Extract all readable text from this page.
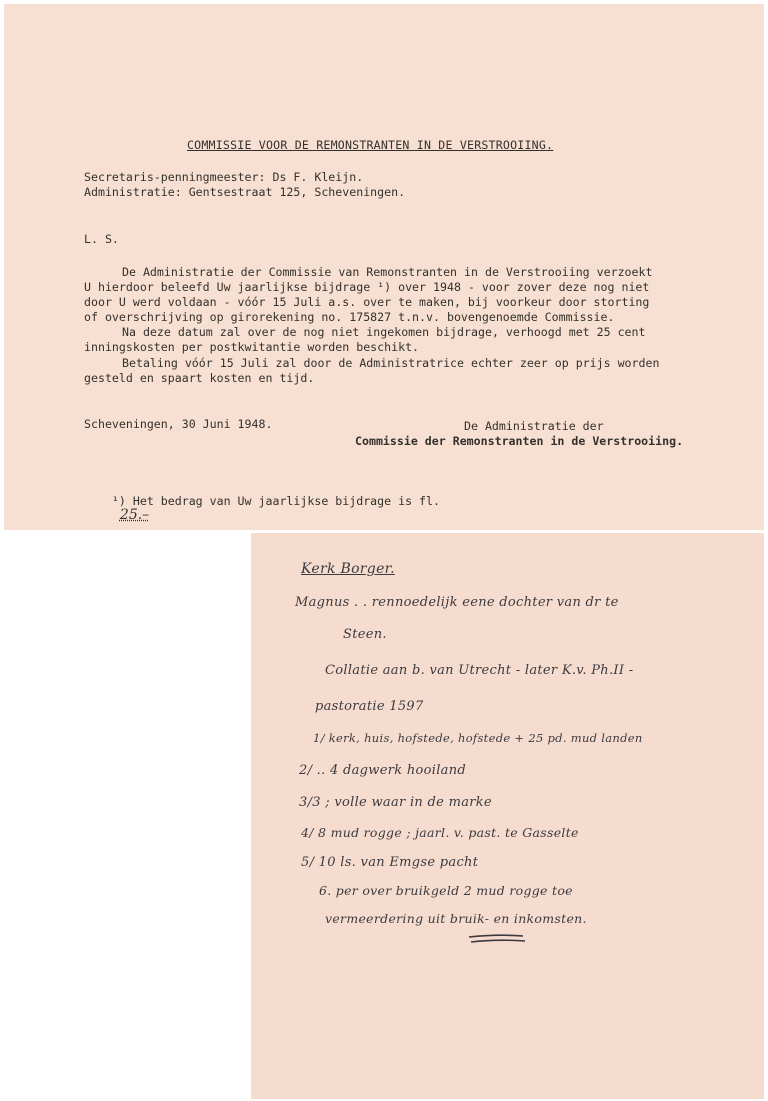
COMMISSIE VOOR DE REMONSTRANTEN IN DE VERSTROOIING.
Secretaris-penningmeester: Ds F. Kleijn.
Administratie: Gentsestraat 125, Scheveningen.
L. S.
De Administratie der Commissie van Remonstranten in de Verstrooiing verzoekt
U hierdoor beleefd Uw jaarlijkse bijdrage ¹) over 1948 - voor zover deze nog niet
door U werd voldaan - vóór 15 Juli a.s. over te maken, bij voorkeur door storting
of overschrijving op girorekening no. 175827 t.n.v. bovengenoemde Commissie.
Na deze datum zal over de nog niet ingekomen bijdrage, verhoogd met 25 cent
inningskosten per postkwitantie worden beschikt.
Betaling vóór 15 Juli zal door de Administratrice echter zeer op prijs worden
gesteld en spaart kosten en tijd.
Scheveningen, 30 Juni 1948.	De Administratie der
Commissie der Remonstranten in de Verstrooiing.

¹) Het bedrag van Uw jaarlijkse bijdrage is fl.
25.–

Kerk Borger.
Magnus . . rennoedelijk eene dochter van dr te
Steen.
Collatie aan b. van Utrecht - later K.v. Ph.II -
pastoratie 1597
1/ kerk, huis, hofstede, hofstede + 25 pd. mud landen
2/ .. 4 dagwerk hooiland
3/3 ; volle waar in de marke
4/ 8 mud rogge ; jaarl. v. past. te Gasselte
5/ 10 ls. van Emgse pacht
6. per over bruikgeld 2 mud rogge toe
vermeerdering uit bruik- en inkomsten.
